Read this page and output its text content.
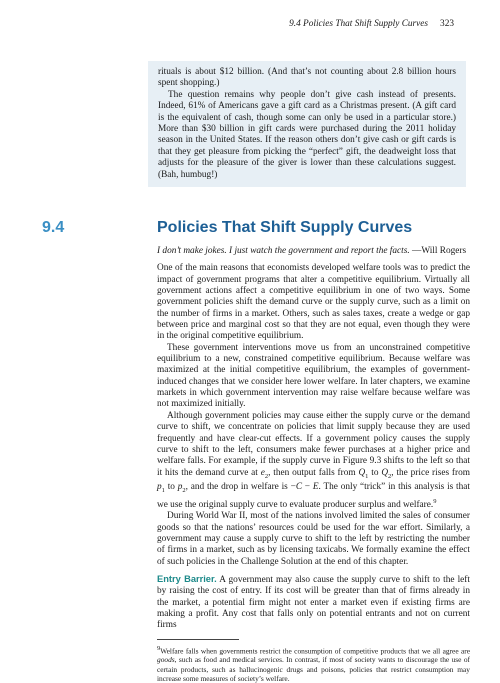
9.4 Policies That Shift Supply Curves 323

rituals is about $12 billion. (And that’s not counting about 2.8 billion hours spent shopping.)

The question remains why people don’t give cash instead of presents. Indeed, 61% of Americans gave a gift card as a Christmas present. (A gift card is the equivalent of cash, though some can only be used in a particular store.) More than $30 billion in gift cards were purchased during the 2011 holiday season in the United States. If the reason others don’t give cash or gift cards is that they get pleasure from picking the “perfect” gift, the deadweight loss that adjusts for the pleasure of the giver is lower than these calculations suggest. (Bah, humbug!)

9.4	Policies That Shift Supply Curves

I don’t make jokes. I just watch the government and report the facts. —Will Rogers

One of the main reasons that economists developed welfare tools was to predict the impact of government programs that alter a competitive equilibrium. Virtually all government actions affect a competitive equilibrium in one of two ways. Some government policies shift the demand curve or the supply curve, such as a limit on the number of firms in a market. Others, such as sales taxes, create a wedge or gap between price and marginal cost so that they are not equal, even though they were in the original competitive equilibrium.

These government interventions move us from an unconstrained competitive equilibrium to a new, constrained competitive equilibrium. Because welfare was maximized at the initial competitive equilibrium, the examples of government-induced changes that we consider here lower welfare. In later chapters, we examine markets in which government intervention may raise welfare because welfare was not maximized initially.

Although government policies may cause either the supply curve or the demand curve to shift, we concentrate on policies that limit supply because they are used frequently and have clear-cut effects. If a government policy causes the supply curve to shift to the left, consumers make fewer purchases at a higher price and welfare falls. For example, if the supply curve in Figure 9.3 shifts to the left so that it hits the demand curve at $e_2$, then output falls from $Q_1$ to $Q_2$, the price rises from $p_1$ to $p_2$, and the drop in welfare is −C − E. The only “trick” in this analysis is that we use the original supply curve to evaluate producer surplus and welfare.$^9$

During World War II, most of the nations involved limited the sales of consumer goods so that the nations’ resources could be used for the war effort. Similarly, a government may cause a supply curve to shift to the left by restricting the number of firms in a market, such as by licensing taxicabs. We formally examine the effect of such policies in the Challenge Solution at the end of this chapter.

Entry Barrier. A government may also cause the supply curve to shift to the left by raising the cost of entry. If its cost will be greater than that of firms already in the market, a potential firm might not enter a market even if existing firms are making a profit. Any cost that falls only on potential entrants and not on current firms

$^9$Welfare falls when governments restrict the consumption of competitive products that we all agree are goods, such as food and medical services. In contrast, if most of society wants to discourage the use of certain products, such as hallucinogenic drugs and poisons, policies that restrict consumption may increase some measures of society’s welfare.
